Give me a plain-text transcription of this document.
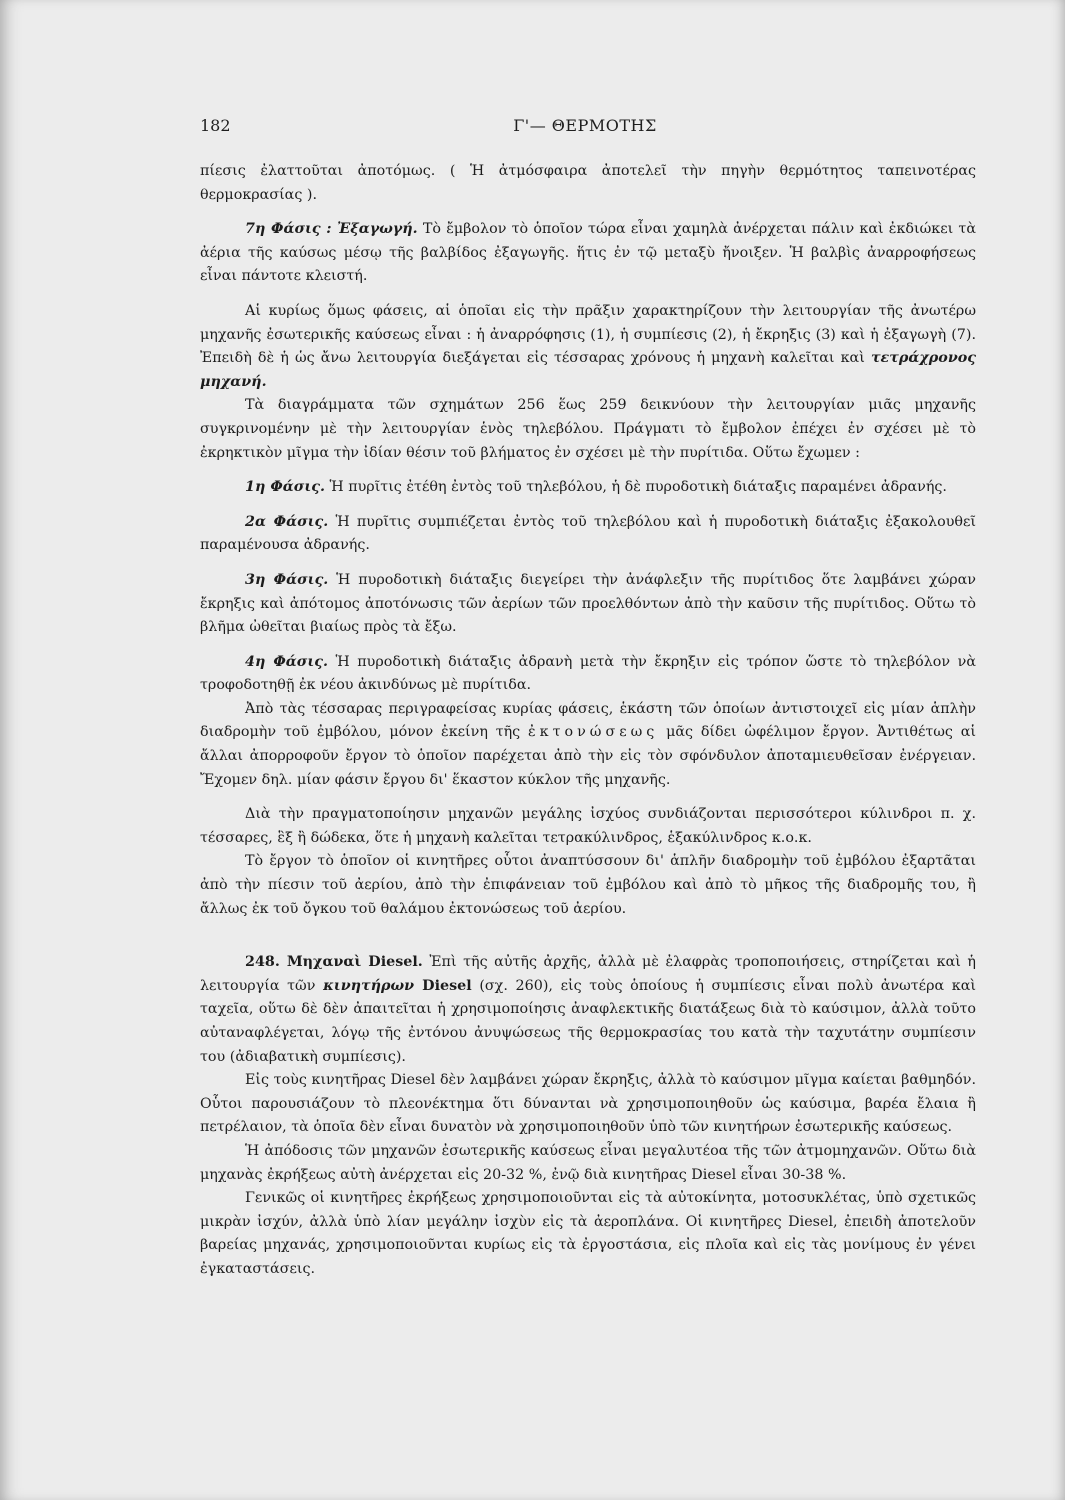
182	Γ'— ΘΕΡΜΟΤΗΣ

πίεσις ἐλαττοῦται ἀποτόμως. ( Ἡ ἀτμόσφαιρα ἀποτελεῖ τὴν πηγὴν θερμότητος ταπεινοτέρας θερμοκρασίας ).

7η Φάσις : Ἐξαγωγή. Τὸ ἔμβολον τὸ ὁποῖον τώρα εἶναι χαμηλὰ ἀνέρχεται πάλιν καὶ ἐκδιώκει τὰ ἀέρια τῆς καύσως μέσῳ τῆς βαλβίδος ἐξαγωγῆς. ἥτις ἐν τῷ μεταξὺ ἤνοιξεν. Ἡ βαλβὶς ἀναρροφήσεως εἶναι πάντοτε κλειστή.

Αἱ κυρίως ὅμως φάσεις, αἱ ὁποῖαι εἰς τὴν πρᾶξιν χαρακτηρίζουν τὴν λειτουργίαν τῆς ἀνωτέρω μηχανῆς ἐσωτερικῆς καύσεως εἶναι : ἡ ἀναρρόφησις (1), ἡ συμπίεσις (2), ἡ ἔκρηξις (3) καὶ ἡ ἐξαγωγὴ (7). Ἐπειδὴ δὲ ἡ ὡς ἄνω λειτουργία διεξάγεται εἰς τέσσαρας χρόνους ἡ μηχανὴ καλεῖται καὶ τετράχρονος μηχανή.

Τὰ διαγράμματα τῶν σχημάτων 256 ἕως 259 δεικνύουν τὴν λειτουργίαν μιᾶς μηχανῆς συγκρινομένην μὲ τὴν λειτουργίαν ἑνὸς τηλεβόλου. Πράγματι τὸ ἔμβολον ἐπέχει ἐν σχέσει μὲ τὸ ἐκρηκτικὸν μῖγμα τὴν ἰδίαν θέσιν τοῦ βλήματος ἐν σχέσει μὲ τὴν πυρίτιδα. Οὕτω ἔχωμεν :

1η Φάσις. Ἡ πυρῖτις ἐτέθη ἐντὸς τοῦ τηλεβόλου, ἡ δὲ πυροδοτικὴ διάταξις παραμένει ἀδρανής.

2α Φάσις. Ἡ πυρῖτις συμπιέζεται ἐντὸς τοῦ τηλεβόλου καὶ ἡ πυροδοτικὴ διάταξις ἐξακολουθεῖ παραμένουσα ἀδρανής.

3η Φάσις. Ἡ πυροδοτικὴ διάταξις διεγείρει τὴν ἀνάφλεξιν τῆς πυρίτιδος ὅτε λαμβάνει χώραν ἔκρηξις καὶ ἀπότομος ἀποτόνωσις τῶν ἀερίων τῶν προελθόντων ἀπὸ τὴν καῦσιν τῆς πυρίτιδος. Οὕτω τὸ βλῆμα ὠθεῖται βιαίως πρὸς τὰ ἔξω.

4η Φάσις. Ἡ πυροδοτικὴ διάταξις ἀδρανὴ μετὰ τὴν ἔκρηξιν εἰς τρόπον ὥστε τὸ τηλεβόλον νὰ τροφοδοτηθῇ ἐκ νέου ἀκινδύνως μὲ πυρίτιδα.

Ἀπὸ τὰς τέσσαρας περιγραφείσας κυρίας φάσεις, ἑκάστη τῶν ὁποίων ἀντιστοιχεῖ εἰς μίαν ἁπλὴν διαδρομὴν τοῦ ἐμβόλου, μόνον ἐκείνη τῆς ἐκτονώσεως μᾶς δίδει ὠφέλιμον ἔργον. Ἀντιθέτως αἱ ἄλλαι ἀπορροφοῦν ἔργον τὸ ὁποῖον παρέχεται ἀπὸ τὴν εἰς τὸν σφόνδυλον ἀποταμιευθεῖσαν ἐνέργειαν. Ἔχομεν δηλ. μίαν φάσιν ἔργου δι' ἕκαστον κύκλον τῆς μηχανῆς.

Διὰ τὴν πραγματοποίησιν μηχανῶν μεγάλης ἰσχύος συνδιάζονται περισσότεροι κύλινδροι π. χ. τέσσαρες, ἓξ ἢ δώδεκα, ὅτε ἡ μηχανὴ καλεῖται τετρακύλινδρος, ἑξακύλινδρος κ.ο.κ.

Τὸ ἔργον τὸ ὁποῖον οἱ κινητῆρες οὗτοι ἀναπτύσσουν δι' ἁπλῆν διαδρομὴν τοῦ ἐμβόλου ἐξαρτᾶται ἀπὸ τὴν πίεσιν τοῦ ἀερίου, ἀπὸ τὴν ἐπιφάνειαν τοῦ ἐμβόλου καὶ ἀπὸ τὸ μῆκος τῆς διαδρομῆς του, ἢ ἄλλως ἐκ τοῦ ὄγκου τοῦ θαλάμου ἐκτονώσεως τοῦ ἀερίου.

248. Μηχαναὶ Diesel. Ἐπὶ τῆς αὐτῆς ἀρχῆς, ἀλλὰ μὲ ἐλαφρὰς τροποποιήσεις, στηρίζεται καὶ ἡ λειτουργία τῶν κινητήρων Diesel (σχ. 260), εἰς τοὺς ὁποίους ἡ συμπίεσις εἶναι πολὺ ἀνωτέρα καὶ ταχεῖα, οὕτω δὲ δὲν ἀπαιτεῖται ἡ χρησιμοποίησις ἀναφλεκτικῆς διατάξεως διὰ τὸ καύσιμον, ἀλλὰ τοῦτο αὐταναφλέγεται, λόγῳ τῆς ἐντόνου ἀνυψώσεως τῆς θερμοκρασίας του κατὰ τὴν ταχυτάτην συμπίεσιν του (ἀδιαβατικὴ συμπίεσις).

Εἰς τοὺς κινητῆρας Diesel δὲν λαμβάνει χώραν ἔκρηξις, ἀλλὰ τὸ καύσιμον μῖγμα καίεται βαθμηδόν. Οὗτοι παρουσιάζουν τὸ πλεονέκτημα ὅτι δύνανται νὰ χρησιμοποιηθοῦν ὡς καύσιμα, βαρέα ἔλαια ἢ πετρέλαιον, τὰ ὁποῖα δὲν εἶναι δυνατὸν νὰ χρησιμοποιηθοῦν ὑπὸ τῶν κινητήρων ἐσωτερικῆς καύσεως.

Ἡ ἀπόδοσις τῶν μηχανῶν ἐσωτερικῆς καύσεως εἶναι μεγαλυτέοα τῆς τῶν ἀτμομηχανῶν. Οὕτω διὰ μηχανὰς ἐκρήξεως αὐτὴ ἀνέρχεται εἰς 20-32 %, ἐνῷ διὰ κινητῆρας Diesel εἶναι 30-38 %.

Γενικῶς οἱ κινητῆρες ἐκρήξεως χρησιμοποιοῦνται εἰς τὰ αὐτοκίνητα, μοτοσυκλέτας, ὑπὸ σχετικῶς μικρὰν ἰσχύν, ἀλλὰ ὑπὸ λίαν μεγάλην ἰσχὺν εἰς τὰ ἀεροπλάνα. Οἱ κινητῆρες Diesel, ἐπειδὴ ἀποτελοῦν βαρείας μηχανάς, χρησιμοποιοῦνται κυρίως εἰς τὰ ἐργοστάσια, εἰς πλοῖα καὶ εἰς τὰς μονίμους ἐν γένει ἐγκαταστάσεις.
